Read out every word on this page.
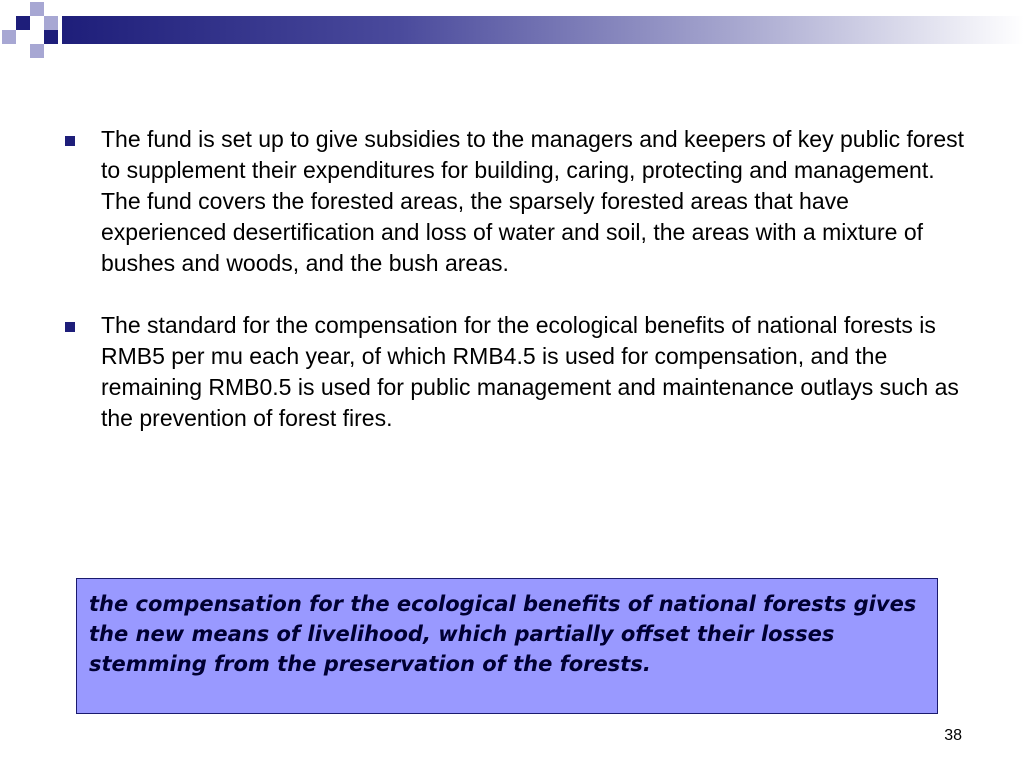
The fund is set up to give subsidies to the managers and keepers of key public forest to supplement their expenditures for building, caring, protecting and management. The fund covers the forested areas, the sparsely forested areas that have experienced desertification and loss of water and soil, the areas with a mixture of bushes and woods, and the bush areas.
The standard for the compensation for the ecological benefits of national forests is RMB5 per mu each year, of which RMB4.5 is used for compensation, and the remaining RMB0.5 is used for public management and maintenance outlays such as the prevention of forest fires.
the compensation for the ecological benefits of national forests gives the new means of livelihood, which partially offset their losses stemming from the preservation of the forests.
38
